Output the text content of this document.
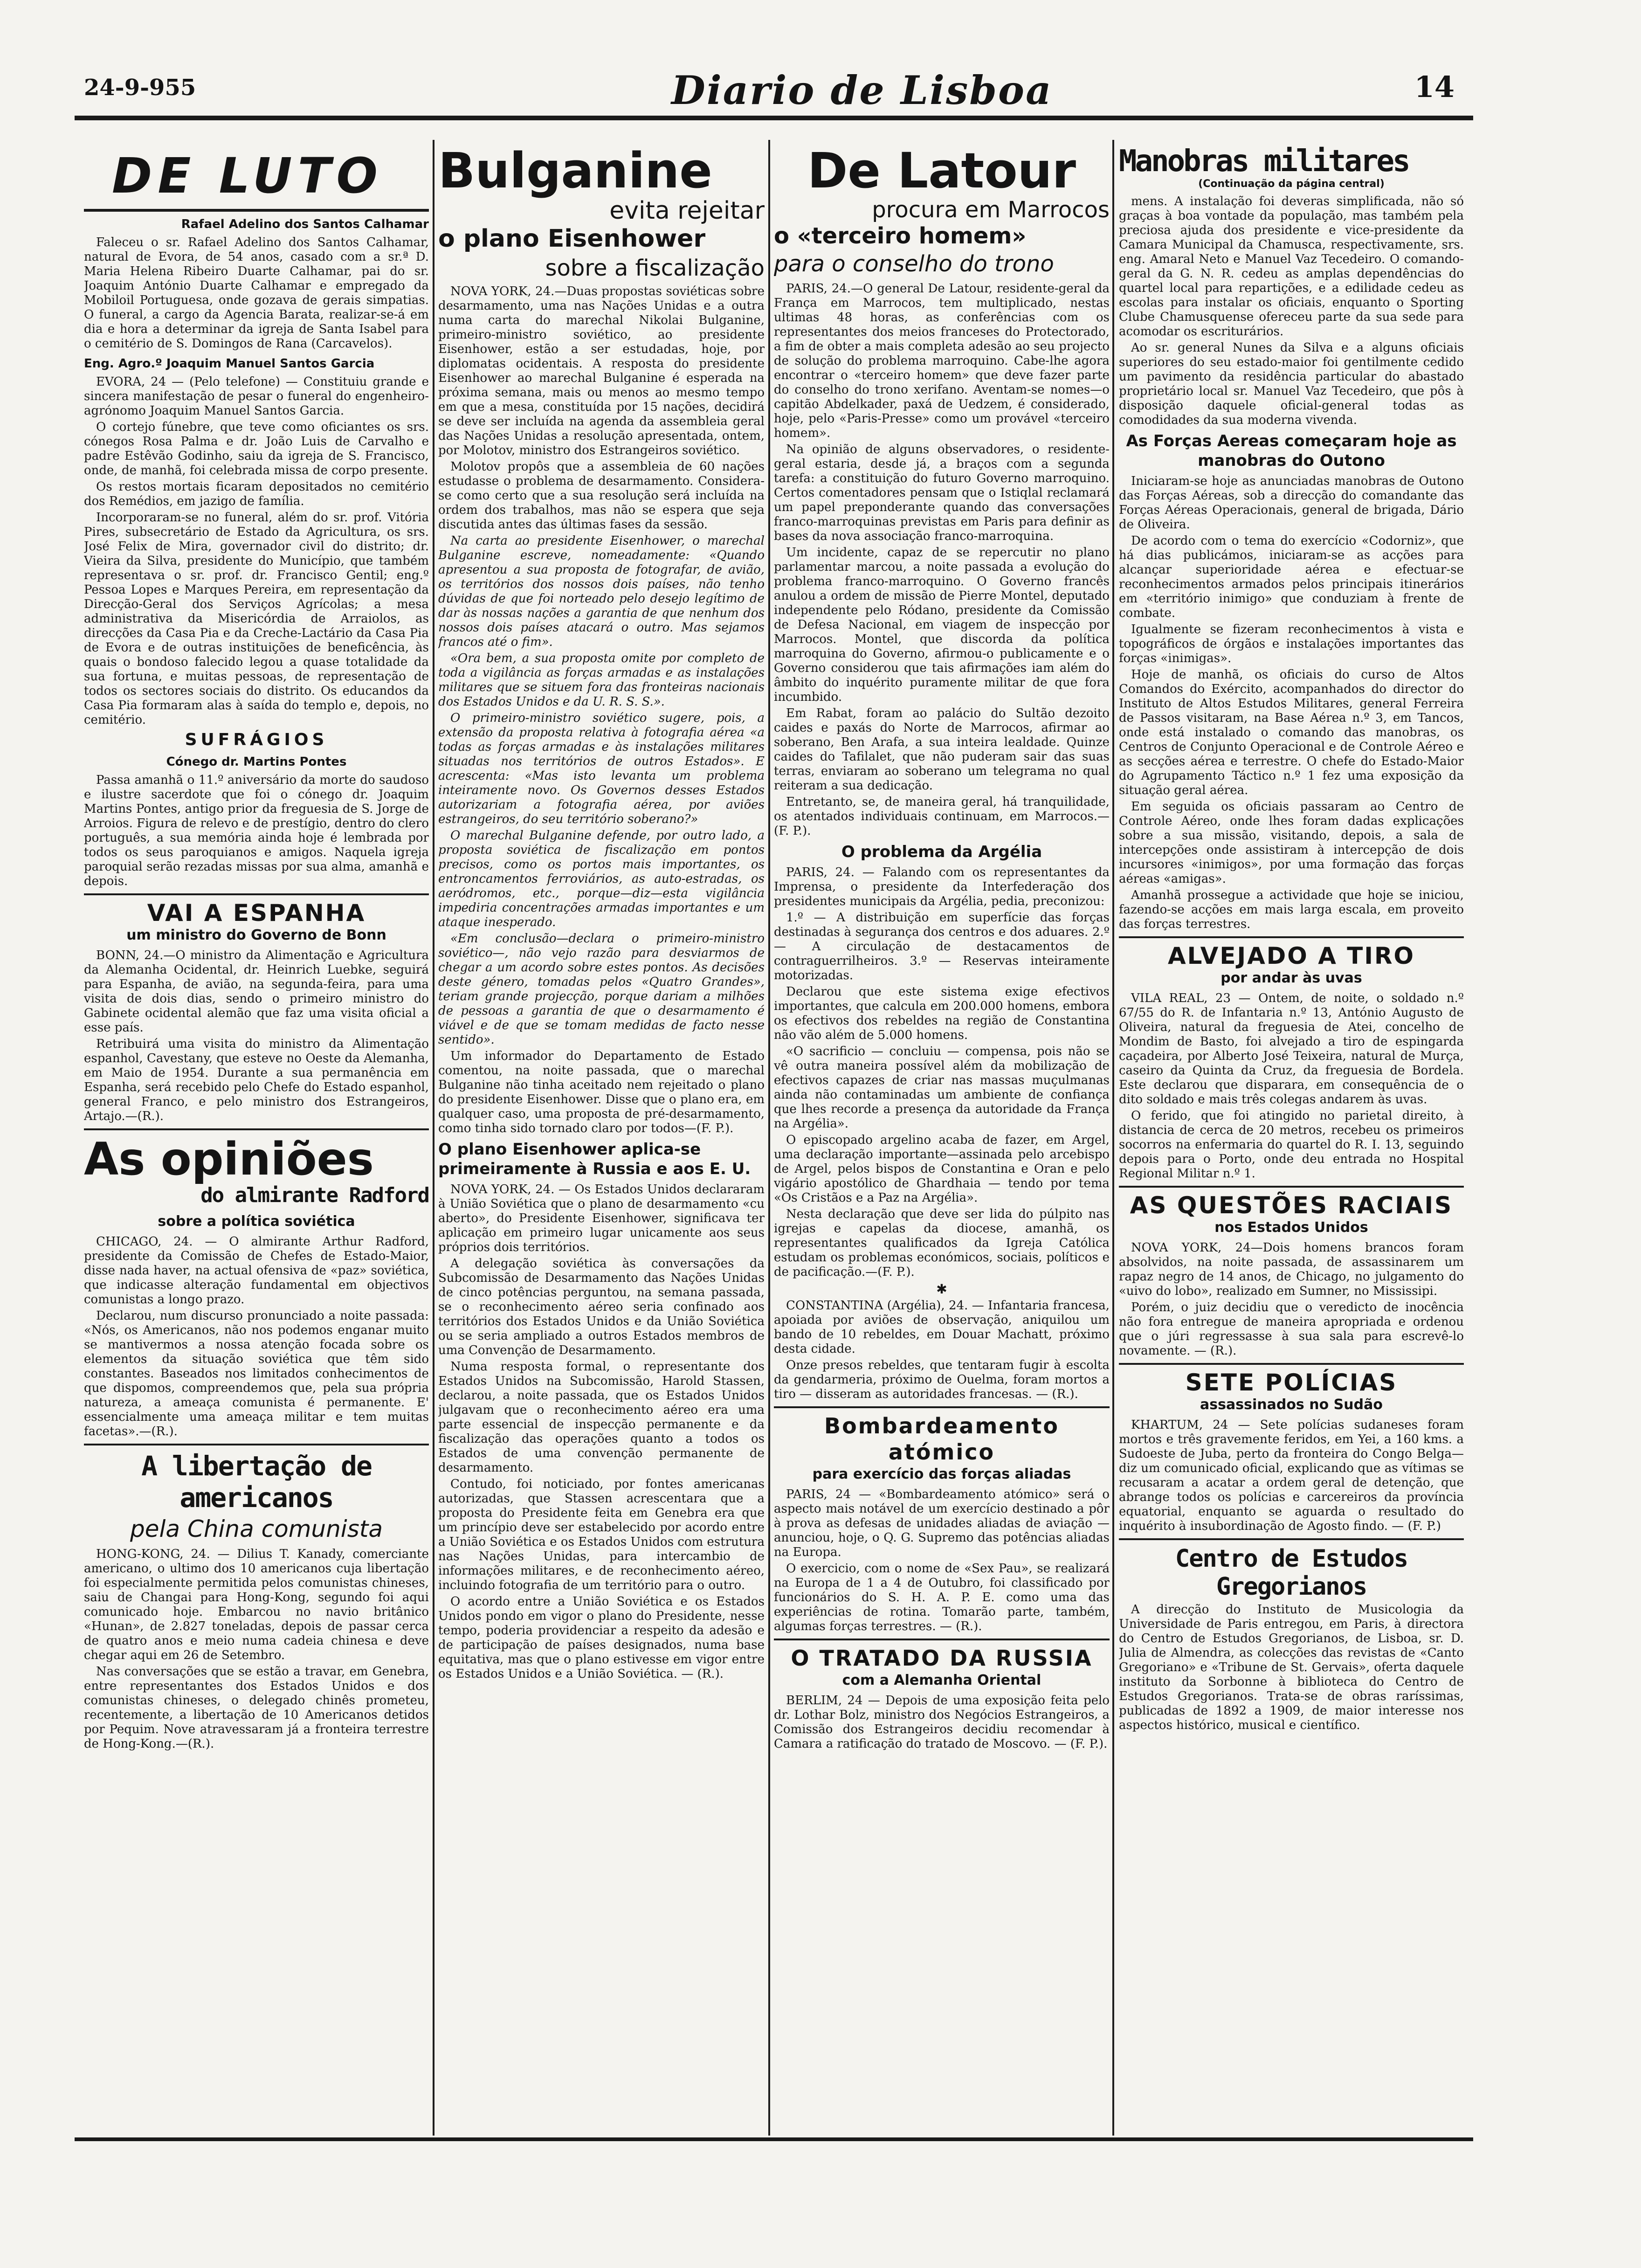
24-9-955	Diario de Lisboa	14
DE LUTO
Rafael Adelino dos Santos Calhamar

Faleceu o sr. Rafael Adelino dos Santos Calhamar, natural de Evora, de 54 anos, casado com a sr.ª D. Maria Helena Ribeiro Duarte Calhamar, pai do sr. Joaquim António Duarte Calhamar e empregado da Mobiloil Portuguesa, onde gozava de gerais simpatias. O funeral, a cargo da Agencia Barata, realizar-se-á em dia e hora a determinar da igreja de Santa Isabel para o cemitério de S. Domingos de Rana (Carcavelos).

Eng. Agro.º Joaquim Manuel Santos Garcia

EVORA, 24 — (Pelo telefone) — Constituiu grande e sincera manifestação de pesar o funeral do engenheiro-agrónomo Joaquim Manuel Santos Garcia.

O cortejo fúnebre, que teve como oficiantes os srs. cónegos Rosa Palma e dr. João Luis de Carvalho e padre Estêvão Godinho, saiu da igreja de S. Francisco, onde, de manhã, foi celebrada missa de corpo presente.

Os restos mortais ficaram depositados no cemitério dos Remédios, em jazigo de família.

Incorporaram-se no funeral, além do sr. prof. Vitória Pires, subsecretário de Estado da Agricultura, os srs. José Felix de Mira, governador civil do distrito; dr. Vieira da Silva, presidente do Município, que também representava o sr. prof. dr. Francisco Gentil; eng.º Pessoa Lopes e Marques Pereira, em representação da Direcção-Geral dos Serviços Agrícolas; a mesa administrativa da Misericórdia de Arraiolos, as direcções da Casa Pia e da Creche-Lactário da Casa Pia de Evora e de outras instituições de beneficência, às quais o bondoso falecido legou a quase totalidade da sua fortuna, e muitas pessoas, de representação de todos os sectores sociais do distrito. Os educandos da Casa Pia formaram alas à saída do templo e, depois, no cemitério.

SUFRÁGIOS
Cónego dr. Martins Pontes

Passa amanhã o 11.º aniversário da morte do saudoso e ilustre sacerdote que foi o cónego dr. Joaquim Martins Pontes, antigo prior da freguesia de S. Jorge de Arroios. Figura de relevo e de prestígio, dentro do clero português, a sua memória ainda hoje é lembrada por todos os seus paroquianos e amigos. Naquela igreja paroquial serão rezadas missas por sua alma, amanhã e depois.

VAI A ESPANHA
um ministro do Governo de Bonn

BONN, 24.—O ministro da Alimentação e Agricultura da Alemanha Ocidental, dr. Heinrich Luebke, seguirá para Espanha, de avião, na segunda-feira, para uma visita de dois dias, sendo o primeiro ministro do Gabinete ocidental alemão que faz uma visita oficial a esse país.

Retribuirá uma visita do ministro da Alimentação espanhol, Cavestany, que esteve no Oeste da Alemanha, em Maio de 1954. Durante a sua permanência em Espanha, será recebido pelo Chefe do Estado espanhol, general Franco, e pelo ministro dos Estrangeiros, Artajo.—(R.).

As opiniões
do almirante Radford
sobre a política soviética

CHICAGO, 24. — O almirante Arthur Radford, presidente da Comissão de Chefes de Estado-Maior, disse nada haver, na actual ofensiva de «paz» soviética, que indicasse alteração fundamental em objectivos comunistas a longo prazo.

Declarou, num discurso pronunciado a noite passada: «Nós, os Americanos, não nos podemos enganar muito se mantivermos a nossa atenção focada sobre os elementos da situação soviética que têm sido constantes. Baseados nos limitados conhecimentos de que dispomos, compreendemos que, pela sua própria natureza, a ameaça comunista é permanente. E' essencialmente uma ameaça militar e tem muitas facetas».—(R.).

A libertação de americanos
pela China comunista

HONG-KONG, 24. — Dilius T. Kanady, comerciante americano, o ultimo dos 10 americanos cuja libertação foi especialmente permitida pelos comunistas chineses, saiu de Changai para Hong-Kong, segundo foi aqui comunicado hoje. Embarcou no navio britânico «Hunan», de 2.827 toneladas, depois de passar cerca de quatro anos e meio numa cadeia chinesa e deve chegar aqui em 26 de Setembro.

Nas conversações que se estão a travar, em Genebra, entre representantes dos Estados Unidos e dos comunistas chineses, o delegado chinês prometeu, recentemente, a libertação de 10 Americanos detidos por Pequim. Nove atravessaram já a fronteira terrestre de Hong-Kong.—(R.).

Bulganine
evita rejeitar
o plano Eisenhower
sobre a fiscalização

NOVA YORK, 24.—Duas propostas soviéticas sobre desarmamento, uma nas Nações Unidas e a outra numa carta do marechal Nikolai Bulganine, primeiro-ministro soviético, ao presidente Eisenhower, estão a ser estudadas, hoje, por diplomatas ocidentais. A resposta do presidente Eisenhower ao marechal Bulganine é esperada na próxima semana, mais ou menos ao mesmo tempo em que a mesa, constituída por 15 nações, decidirá se deve ser incluída na agenda da assembleia geral das Nações Unidas a resolução apresentada, ontem, por Molotov, ministro dos Estrangeiros soviético.

Molotov propôs que a assembleia de 60 nações estudasse o problema de desarmamento. Considera-se como certo que a sua resolução será incluída na ordem dos trabalhos, mas não se espera que seja discutida antes das últimas fases da sessão.

Na carta ao presidente Eisenhower, o marechal Bulganine escreve, nomeadamente: «Quando apresentou a sua proposta de fotografar, de avião, os territórios dos nossos dois países, não tenho dúvidas de que foi norteado pelo desejo legítimo de dar às nossas nações a garantia de que nenhum dos nossos dois países atacará o outro. Mas sejamos francos até o fim».

«Ora bem, a sua proposta omite por completo de toda a vigilância as forças armadas e as instalações militares que se situem fora das fronteiras nacionais dos Estados Unidos e da U. R. S. S.».

O primeiro-ministro soviético sugere, pois, a extensão da proposta relativa à fotografia aérea «a todas as forças armadas e às instalações militares situadas nos territórios de outros Estados». E acrescenta: «Mas isto levanta um problema inteiramente novo. Os Governos desses Estados autorizariam a fotografia aérea, por aviões estrangeiros, do seu território soberano?»

O marechal Bulganine defende, por outro lado, a proposta soviética de fiscalização em pontos precisos, como os portos mais importantes, os entroncamentos ferroviários, as auto-estradas, os aeródromos, etc., porque—diz—esta vigilância impediria concentrações armadas importantes e um ataque inesperado.

«Em conclusão—declara o primeiro-ministro soviético—, não vejo razão para desviarmos de chegar a um acordo sobre estes pontos. As decisões deste género, tomadas pelos «Quatro Grandes», teriam grande projecção, porque dariam a milhões de pessoas a garantia de que o desarmamento é viável e de que se tomam medidas de facto nesse sentido».

Um informador do Departamento de Estado comentou, na noite passada, que o marechal Bulganine não tinha aceitado nem rejeitado o plano do presidente Eisenhower. Disse que o plano era, em qualquer caso, uma proposta de pré-desarmamento, como tinha sido tornado claro por todos—(F. P.).

O plano Eisenhower aplica-se primeiramente à Russia e aos E. U.

NOVA YORK, 24. — Os Estados Unidos declararam à União Soviética que o plano de desarmamento «cu aberto», do Presidente Eisenhower, significava ter aplicação em primeiro lugar unicamente aos seus próprios dois territórios.

A delegação soviética às conversações da Subcomissão de Desarmamento das Nações Unidas de cinco potências perguntou, na semana passada, se o reconhecimento aéreo seria confinado aos territórios dos Estados Unidos e da União Soviética ou se seria ampliado a outros Estados membros de uma Convenção de Desarmamento.

Numa resposta formal, o representante dos Estados Unidos na Subcomissão, Harold Stassen, declarou, a noite passada, que os Estados Unidos julgavam que o reconhecimento aéreo era uma parte essencial de inspecção permanente e da fiscalização das operações quanto a todos os Estados de uma convenção permanente de desarmamento.

Contudo, foi noticiado, por fontes americanas autorizadas, que Stassen acrescentara que a proposta do Presidente feita em Genebra era que um princípio deve ser estabelecido por acordo entre a União Soviética e os Estados Unidos com estrutura nas Nações Unidas, para intercambio de informações militares, e de reconhecimento aéreo, incluindo fotografia de um território para o outro.

O acordo entre a União Soviética e os Estados Unidos pondo em vigor o plano do Presidente, nesse tempo, poderia providenciar a respeito da adesão e de participação de países designados, numa base equitativa, mas que o plano estivesse em vigor entre os Estados Unidos e a União Soviética. — (R.).

De Latour
procura em Marrocos
o «terceiro homem»
para o conselho do trono

PARIS, 24.—O general De Latour, residente-geral da França em Marrocos, tem multiplicado, nestas ultimas 48 horas, as conferências com os representantes dos meios franceses do Protectorado, a fim de obter a mais completa adesão ao seu projecto de solução do problema marroquino. Cabe-lhe agora encontrar o «terceiro homem» que deve fazer parte do conselho do trono xerifano. Aventam-se nomes—o capitão Abdelkader, paxá de Uedzem, é considerado, hoje, pelo «Paris-Presse» como um provável «terceiro homem».

Na opinião de alguns observadores, o residente-geral estaria, desde já, a braços com a segunda tarefa: a constituição do futuro Governo marroquino. Certos comentadores pensam que o Istiqlal reclamará um papel preponderante quando das conversações franco-marroquinas previstas em Paris para definir as bases da nova associação franco-marroquina.

Um incidente, capaz de se repercutir no plano parlamentar marcou, a noite passada a evolução do problema franco-marroquino. O Governo francês anulou a ordem de missão de Pierre Montel, deputado independente pelo Ródano, presidente da Comissão de Defesa Nacional, em viagem de inspecção por Marrocos. Montel, que discorda da política marroquina do Governo, afirmou-o publicamente e o Governo considerou que tais afirmações iam além do âmbito do inquérito puramente militar de que fora incumbido.

Em Rabat, foram ao palácio do Sultão dezoito caides e paxás do Norte de Marrocos, afirmar ao soberano, Ben Arafa, a sua inteira lealdade. Quinze caides do Tafilalet, que não puderam sair das suas terras, enviaram ao soberano um telegrama no qual reiteram a sua dedicação.

Entretanto, se, de maneira geral, há tranquilidade, os atentados individuais continuam, em Marrocos.—(F. P.).

O problema da Argélia

PARIS, 24. — Falando com os representantes da Imprensa, o presidente da Interfederação dos presidentes municipais da Argélia, pedia, preconizou:

1.º — A distribuição em superfície das forças destinadas à segurança dos centros e dos aduares. 2.º — A circulação de destacamentos de contraguerrilheiros. 3.º — Reservas inteiramente motorizadas.

Declarou que este sistema exige efectivos importantes, que calcula em 200.000 homens, embora os efectivos dos rebeldes na região de Constantina não vão além de 5.000 homens.

«O sacrificio — concluiu — compensa, pois não se vê outra maneira possível além da mobilização de efectivos capazes de criar nas massas muçulmanas ainda não contaminadas um ambiente de confiança que lhes recorde a presença da autoridade da França na Argélia».

O episcopado argelino acaba de fazer, em Argel, uma declaração importante—assinada pelo arcebispo de Argel, pelos bispos de Constantina e Oran e pelo vigário apostólico de Ghardhaia — tendo por tema «Os Cristãos e a Paz na Argélia».

Nesta declaração que deve ser lida do púlpito nas igrejas e capelas da diocese, amanhã, os representantes qualificados da Igreja Católica estudam os problemas económicos, sociais, políticos e de pacificação.—(F. P.).

✱

CONSTANTINA (Argélia), 24. — Infantaria francesa, apoiada por aviões de observação, aniquilou um bando de 10 rebeldes, em Douar Machatt, próximo desta cidade.

Onze presos rebeldes, que tentaram fugir à escolta da gendarmeria, próximo de Ouelma, foram mortos a tiro — disseram as autoridades francesas. — (R.).

Bombardeamento atómico
para exercício das forças aliadas

PARIS, 24 — «Bombardeamento atómico» será o aspecto mais notável de um exercício destinado a pôr à prova as defesas de unidades aliadas de aviação — anunciou, hoje, o Q. G. Supremo das potências aliadas na Europa.

O exercicio, com o nome de «Sex Pau», se realizará na Europa de 1 a 4 de Outubro, foi classificado por funcionários do S. H. A. P. E. como uma das experiências de rotina. Tomarão parte, também, algumas forças terrestres. — (R.).

O TRATADO DA RUSSIA
com a Alemanha Oriental

BERLIM, 24 — Depois de uma exposição feita pelo dr. Lothar Bolz, ministro dos Negócios Estrangeiros, a Comissão dos Estrangeiros decidiu recomendar à Camara a ratificação do tratado de Moscovo. — (F. P.).

Manobras militares
(Continuação da página central)

mens. A instalação foi deveras simplificada, não só graças à boa vontade da população, mas também pela preciosa ajuda dos presidente e vice-presidente da Camara Municipal da Chamusca, respectivamente, srs. eng. Amaral Neto e Manuel Vaz Tecedeiro. O comando-geral da G. N. R. cedeu as amplas dependências do quartel local para repartições, e a edilidade cedeu as escolas para instalar os oficiais, enquanto o Sporting Clube Chamusquense ofereceu parte da sua sede para acomodar os escriturários.

Ao sr. general Nunes da Silva e a alguns oficiais superiores do seu estado-maior foi gentilmente cedido um pavimento da residência particular do abastado proprietário local sr. Manuel Vaz Tecedeiro, que pôs à disposição daquele oficial-general todas as comodidades da sua moderna vivenda.

As Forças Aereas começaram hoje as manobras do Outono

Iniciaram-se hoje as anunciadas manobras de Outono das Forças Aéreas, sob a direcção do comandante das Forças Aéreas Operacionais, general de brigada, Dário de Oliveira.

De acordo com o tema do exercício «Codorniz», que há dias publicámos, iniciaram-se as acções para alcançar superioridade aérea e efectuar-se reconhecimentos armados pelos principais itinerários em «território inimigo» que conduziam à frente de combate.

Igualmente se fizeram reconhecimentos à vista e topográficos de órgãos e instalações importantes das forças «inimigas».

Hoje de manhã, os oficiais do curso de Altos Comandos do Exército, acompanhados do director do Instituto de Altos Estudos Militares, general Ferreira de Passos visitaram, na Base Aérea n.º 3, em Tancos, onde está instalado o comando das manobras, os Centros de Conjunto Operacional e de Controle Aéreo e as secções aérea e terrestre. O chefe do Estado-Maior do Agrupamento Táctico n.º 1 fez uma exposição da situação geral aérea.

Em seguida os oficiais passaram ao Centro de Controle Aéreo, onde lhes foram dadas explicações sobre a sua missão, visitando, depois, a sala de intercepções onde assistiram à intercepção de dois incursores «inimigos», por uma formação das forças aéreas «amigas».

Amanhã prossegue a actividade que hoje se iniciou, fazendo-se acções em mais larga escala, em proveito das forças terrestres.

ALVEJADO A TIRO
por andar às uvas

VILA REAL, 23 — Ontem, de noite, o soldado n.º 67/55 do R. de Infantaria n.º 13, António Augusto de Oliveira, natural da freguesia de Atei, concelho de Mondim de Basto, foi alvejado a tiro de espingarda caçadeira, por Alberto José Teixeira, natural de Murça, caseiro da Quinta da Cruz, da freguesia de Bordela. Este declarou que disparara, em consequência de o dito soldado e mais três colegas andarem às uvas.

O ferido, que foi atingido no parietal direito, à distancia de cerca de 20 metros, recebeu os primeiros socorros na enfermaria do quartel do R. I. 13, seguindo depois para o Porto, onde deu entrada no Hospital Regional Militar n.º 1.

AS QUESTÕES RACIAIS
nos Estados Unidos

NOVA YORK, 24—Dois homens brancos foram absolvidos, na noite passada, de assassinarem um rapaz negro de 14 anos, de Chicago, no julgamento do «uivo do lobo», realizado em Sumner, no Mississipi.

Porém, o juiz decidiu que o veredicto de inocência não fora entregue de maneira apropriada e ordenou que o júri regressasse à sua sala para escrevê-lo novamente. — (R.).

SETE POLÍCIAS
assassinados no Sudão

KHARTUM, 24 — Sete polícias sudaneses foram mortos e três gravemente feridos, em Yei, a 160 kms. a Sudoeste de Juba, perto da fronteira do Congo Belga—diz um comunicado oficial, explicando que as vítimas se recusaram a acatar a ordem geral de detenção, que abrange todos os polícias e carcereiros da província equatorial, enquanto se aguarda o resultado do inquérito à insubordinação de Agosto findo. — (F. P.)

Centro de Estudos Gregorianos

A direcção do Instituto de Musicologia da Universidade de Paris entregou, em Paris, à directora do Centro de Estudos Gregorianos, de Lisboa, sr. D. Julia de Almendra, as colecções das revistas de «Canto Gregoriano» e «Tribune de St. Gervais», oferta daquele instituto da Sorbonne à biblioteca do Centro de Estudos Gregorianos. Trata-se de obras raríssimas, publicadas de 1892 a 1909, de maior interesse nos aspectos histórico, musical e científico.
